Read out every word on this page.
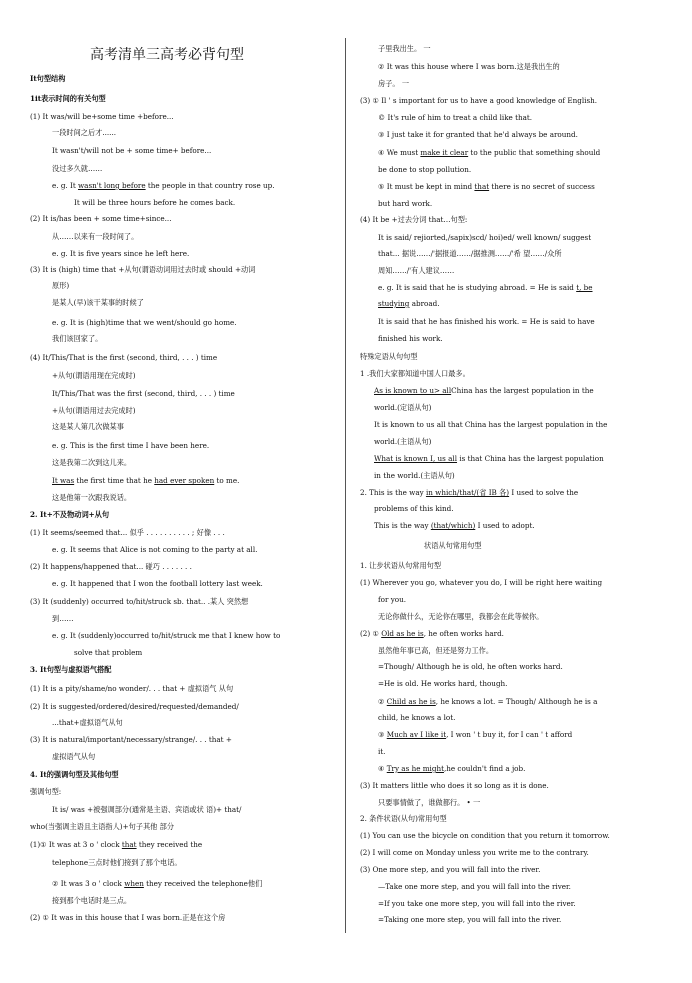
高考清单三高考必背句型
It句型结构
1it表示时间的有关句型
(1) It was/will be+some time +before...
一段时间之后才......
It wasn't/will not be + some time+ before...
没过多久就……
e. g. It wasn't long before the people in that country rose up.
It will be three hours before he comes back.
(2) It is/has been + some time+since...
从……以来有一段时间了。
e. g. It is five years since he left here.
(3) It is (high) time that +从句(谓语动词用过去时或 should +动词
原形)
是某人(早)该干某事的时候了
e. g. It is (high)time that we went/should go home.
我们该回家了。
(4) It/This/That is the first (second, third, . . . ) time
+从句(谓语用现在完成时)
It/This/That was the first (second, third, . . . ) time
+从句(谓语用过去完成时)
这是某人第几次做某事
e. g. This is the first time I have been here.
这是我第二次到这儿来。
It was the first time that he had ever spoken to me.
这是他第一次跟我说话。
2. It+不及物动词+从句
(1) It seems/seemed that... 似乎 . . . . . . . . . . ; 好像 . . .
e. g. It seems that Alice is not coming to the party at all.
(2) It happens/happened that... 碰巧 . . . . . . .
e. g. It happened that I won the football lottery last week.
(3) It (suddenly) occurred to/hit/struck sb. that.. .某人 突然想
到……
e. g. It (suddenly)occurred to/hit/struck me that I knew how to
solve that problem
3. It句型与虚拟语气搭配
(1) It is a pity/shame/no wonder/. . . that + 虚拟语气 从句
(2) It is suggested/ordered/desired/requested/demanded/
...that+虚拟语气从句
(3) It is natural/important/necessary/strange/. . . that +
虚拟语气从句
4. It的强调句型及其他句型
强调句型:
It is/ was +被强调部分(通常是主语、宾语或状 语)+ that/
who(当强调主语且主语指人)+句子其他 部分
(1)① It was at 3 o ' clock that they received the
telephone三点时他们接到了那个电话。
② It was 3 o ' clock when they received the telephone他们
接到那个电话时是三点。
(2) ① It was in this house that I was born.正是在这个房
子里我出生。 一
② It was this house where I was born.这是我出生的
房子。 一
(3) ① Il ' s important for us to have a good knowledge of English.
© It's rule of him to treat a child like that.
③ I just take it for granted that he'd always be around.
④ We must make it clear to the public that something should
be done to stop pollution.
⑤ It must be kept in mind that there is no secret of success
but hard work.
(4) It be +过去分词 that…句型:
It is said/ rejiorted,/sapix)scd/ hoi)ed/ well known/ suggest
that... 据说……/'据报道……/据推测……/'希 望……/众所
周知……/'有人建议……
e. g. It is said that he is studying abroad. = He is said t, be
studying abroad.
It is said that he has finished his work. = He is said to have
finished his work.
特殊定语从句句型
1 .我们大家都知道中国人口最多。
As is known to u> allChina has the largest population in the
world.(定语从句)
It is known to us all that China has the largest population in the
world.(主语从句)
What is known I, us all is that China has the largest population
in the world.(主语从句)
2. This is the way in which/that/(省 IB 各) I used to solve the
problems of this kind.
This is the way (that/which) I used to adopt.
状语从句常用句型
1. 让步状语从句常用句型
(1) Wherever you go, whatever you do, I will be right here waiting
for you.
无论你做什么，无论你在哪里，我都会在此等候你。
(2) ① Old as he is, he often works hard.
虽然他年事已高，但还是努力工作。
=Though/ Although he is old, he often works hard.
=He is old. He works hard, though.
② Child as he is, he knows a lot. = Though/ Although he is a
child, he knows a lot.
③ Much av I like it, I won ' t buy it, for I can ' t afford
it.
④ Try as he might,he couldn't find a job.
(3) It matters little who does it so long as it is done.
只要事情做了，谁做都行。 • 一
2. 条件状语(从句)常用句型
(1) You can use the bicycle on condition that you return it tomorrow.
(2) I will come on Monday unless you write me to the contrary.
(3) One more step, and you will fall into the river.
—Take one more step, and you will fall into the river.
=If you take one more step, you will fall into the river.
=Taking one more step, you will fall into the river.
